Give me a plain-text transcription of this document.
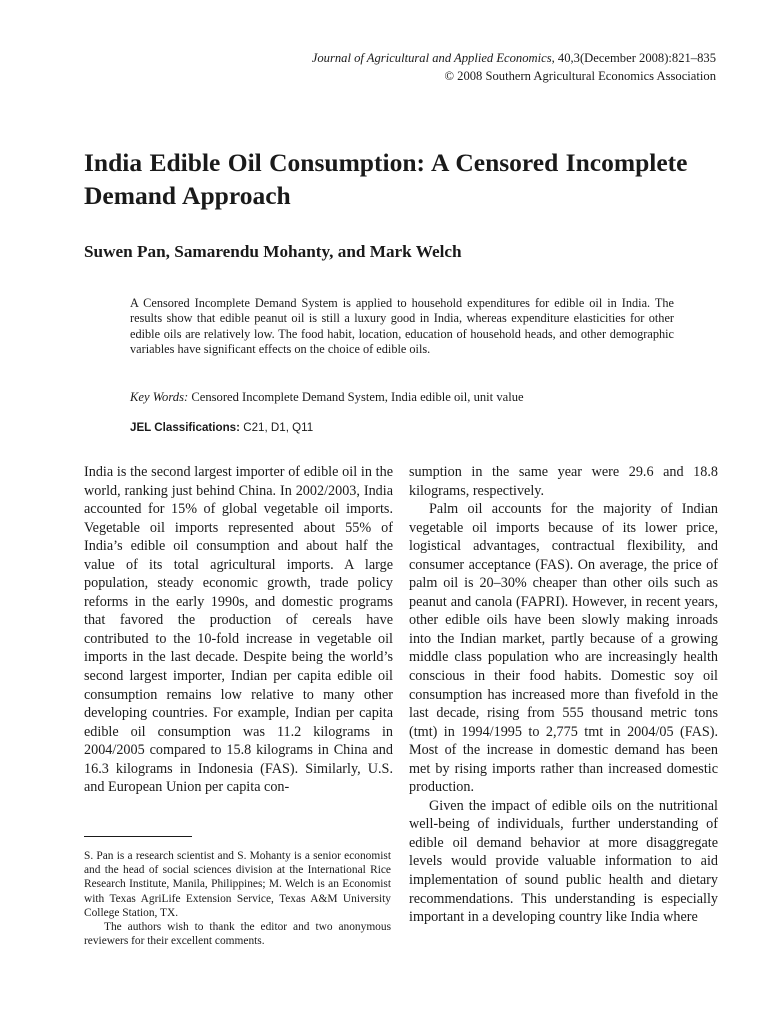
Journal of Agricultural and Applied Economics, 40,3(December 2008):821–835
© 2008 Southern Agricultural Economics Association
India Edible Oil Consumption: A Censored Incomplete Demand Approach

Suwen Pan, Samarendu Mohanty, and Mark Welch

A Censored Incomplete Demand System is applied to household expenditures for edible oil in India. The results show that edible peanut oil is still a luxury good in India, whereas expenditure elasticities for other edible oils are relatively low. The food habit, location, education of household heads, and other demographic variables have significant effects on the choice of edible oils.

Key Words: Censored Incomplete Demand System, India edible oil, unit value

JEL Classifications: C21, D1, Q11

India is the second largest importer of edible oil in the world, ranking just behind China. In 2002/2003, India accounted for 15% of global vegetable oil imports. Vegetable oil imports represented about 55% of India’s edible oil consumption and about half the value of its total agricultural imports. A large population, steady economic growth, trade policy reforms in the early 1990s, and domestic programs that favored the production of cereals have contributed to the 10-fold increase in vegetable oil imports in the last decade. Despite being the world’s second largest importer, Indian per capita edible oil consumption remains low relative to many other developing countries. For example, Indian per capita edible oil consumption was 11.2 kilograms in 2004/2005 compared to 15.8 kilograms in China and 16.3 kilograms in Indonesia (FAS). Similarly, U.S. and European Union per capita con-

sumption in the same year were 29.6 and 18.8 kilograms, respectively.

Palm oil accounts for the majority of Indian vegetable oil imports because of its lower price, logistical advantages, contractual flexibility, and consumer acceptance (FAS). On average, the price of palm oil is 20–30% cheaper than other oils such as peanut and canola (FAPRI). However, in recent years, other edible oils have been slowly making inroads into the Indian market, partly because of a growing middle class population who are increasingly health conscious in their food habits. Domestic soy oil consumption has increased more than fivefold in the last decade, rising from 555 thousand metric tons (tmt) in 1994/1995 to 2,775 tmt in 2004/05 (FAS). Most of the increase in domestic demand has been met by rising imports rather than increased domestic production.

Given the impact of edible oils on the nutritional well-being of individuals, further understanding of edible oil demand behavior at more disaggregate levels would provide valuable information to aid implementation of sound public health and dietary recommendations. This understanding is especially important in a developing country like India where

S. Pan is a research scientist and S. Mohanty is a senior economist and the head of social sciences division at the International Rice Research Institute, Manila, Philippines; M. Welch is an Economist with Texas AgriLife Extension Service, Texas A&M University College Station, TX.

The authors wish to thank the editor and two anonymous reviewers for their excellent comments.
